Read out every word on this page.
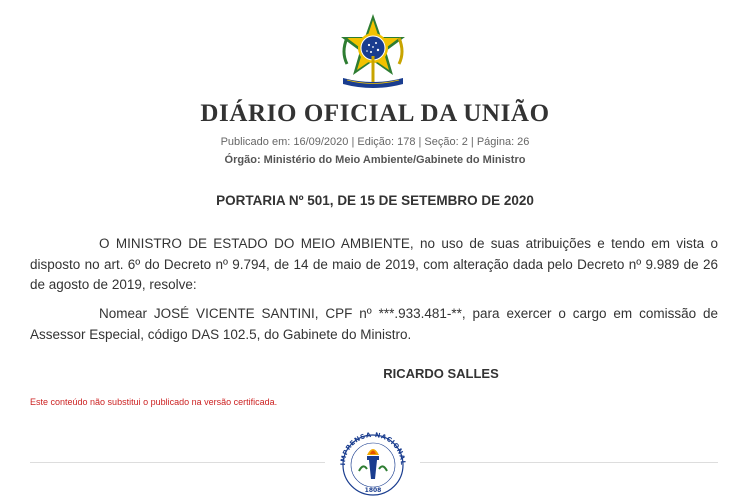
DIÁRIO OFICIAL DA UNIÃO
Publicado em: 16/09/2020 | Edição: 178 | Seção: 2 | Página: 26
Órgão: Ministério do Meio Ambiente/Gabinete do Ministro
PORTARIA Nº 501, DE 15 DE SETEMBRO DE 2020
O MINISTRO DE ESTADO DO MEIO AMBIENTE, no uso de suas atribuições e tendo em vista o disposto no art. 6º do Decreto nº 9.794, de 14 de maio de 2019, com alteração dada pelo Decreto nº 9.989 de 26 de agosto de 2019, resolve:
Nomear JOSÉ VICENTE SANTINI, CPF nº ***.933.481-**, para exercer o cargo em comissão de Assessor Especial, código DAS 102.5, do Gabinete do Ministro.
RICARDO SALLES
Este conteúdo não substitui o publicado na versão certificada.
IMPRENSA NACIONAL
1808
